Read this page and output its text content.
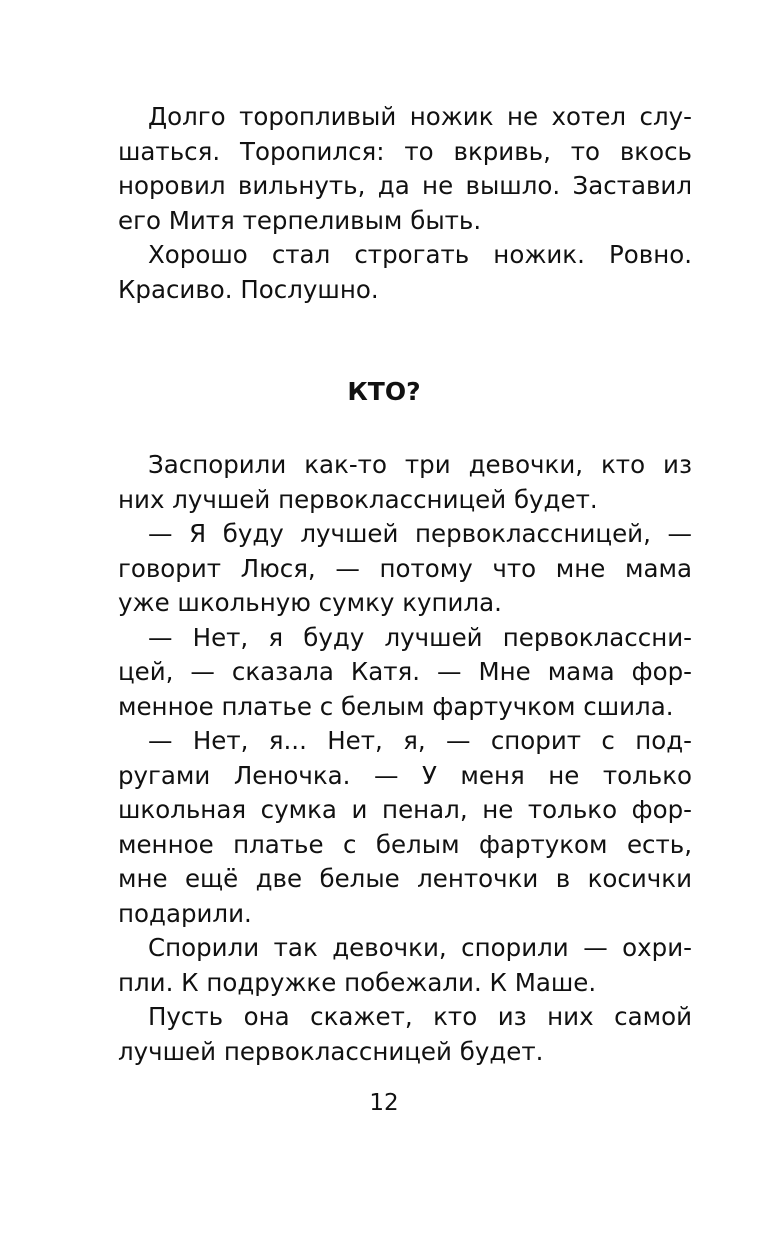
Долго торопливый ножик не хотел слу-
шаться. Торопился: то вкривь, то вкось
норовил вильнуть, да не вышло. Заставил
его Митя терпеливым быть.
Хорошо стал строгать ножик. Ровно.
Красиво. Послушно.
КТО?
Заспорили как-то три девочки, кто из
них лучшей первоклассницей будет.
— Я буду лучшей первоклассницей, —
говорит Люся, — потому что мне мама
уже школьную сумку купила.
— Нет, я буду лучшей первоклассни-
цей, — сказала Катя. — Мне мама фор-
менное платье с белым фартучком сшила.
— Нет, я... Нет, я, — спорит с под-
ругами Леночка. — У меня не только
школьная сумка и пенал, не только фор-
менное платье с белым фартуком есть,
мне ещё две белые ленточки в косички
подарили.
Спорили так девочки, спорили — охри-
пли. К подружке побежали. К Маше.
Пусть она скажет, кто из них самой
лучшей первоклассницей будет.
12
